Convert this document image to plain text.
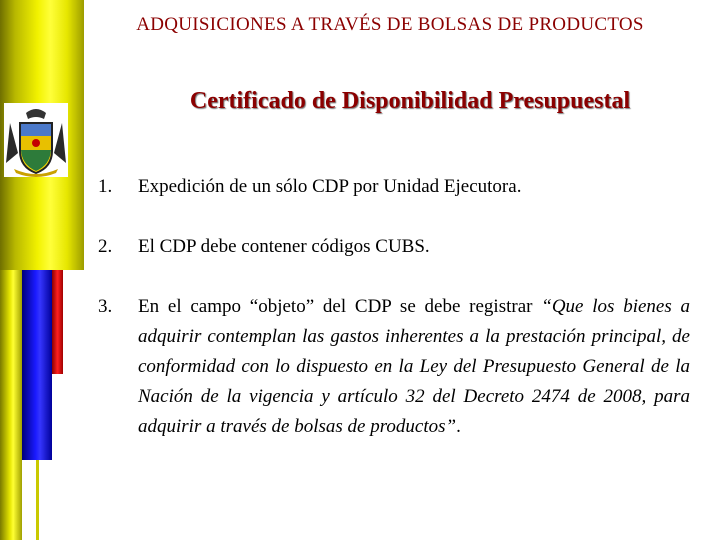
ADQUISICIONES A TRAVÉS DE BOLSAS DE PRODUCTOS
Certificado de Disponibilidad Presupuestal
1. Expedición de un sólo CDP por Unidad Ejecutora.
2. El CDP debe contener códigos CUBS.
3. En el campo “objeto” del CDP se debe registrar “Que los bienes a adquirir contemplan las gastos inherentes a la prestación principal, de conformidad con lo dispuesto en la Ley del Presupuesto General de la Nación de la vigencia y artículo 32 del Decreto 2474 de 2008, para adquirir a través de bolsas de productos”.
